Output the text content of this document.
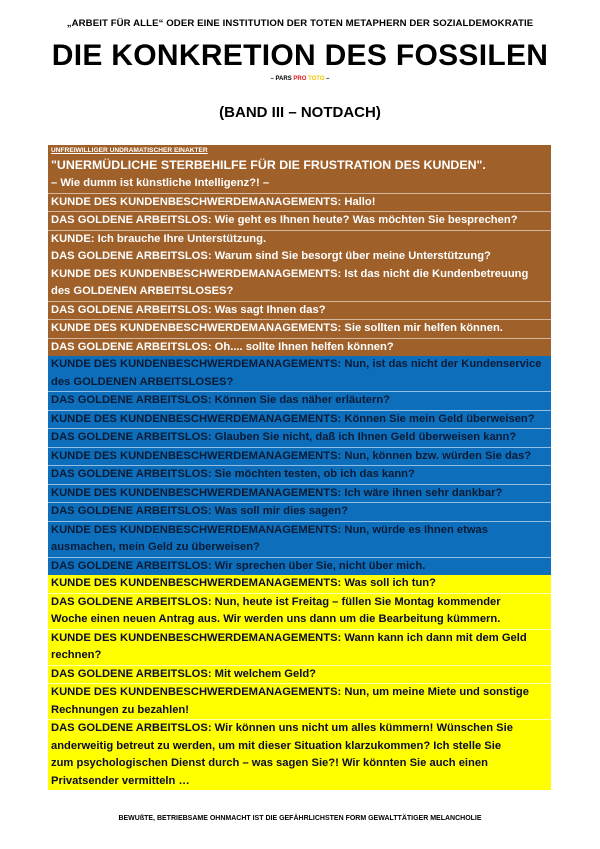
„ARBEIT FÜR ALLE“ ODER EINE INSTITUTION DER TOTEN METAPHERN DER SOZIALDEMOKRATIE
DIE KONKRETION DES FOSSILEN
– PARS PRO TOTO –
(BAND III – NOTDACH)
UNFREIWILLIGER UNDRAMATISCHER EINAKTER
"UNERMÜDLICHE STERBEHILFE FÜR DIE FRUSTRATION DES KUNDEN".
– Wie dumm ist künstliche Intelligenz?! –
KUNDE DES KUNDENBESCHWERDEMANAGEMENTS: Hallo!
DAS GOLDENE ARBEITSLOS: Wie geht es Ihnen heute? Was möchten Sie besprechen?
KUNDE: Ich brauche Ihre Unterstützung.
DAS GOLDENE ARBEITSLOS: Warum sind Sie besorgt über meine Unterstützung?
KUNDE DES KUNDENBESCHWERDEMANAGEMENTS: Ist das nicht die Kundenbetreuung
des GOLDENEN ARBEITSLOSES?
DAS GOLDENE ARBEITSLOS: Was sagt Ihnen das?
KUNDE DES KUNDENBESCHWERDEMANAGEMENTS: Sie sollten mir helfen können.
DAS GOLDENE ARBEITSLOS: Oh.... sollte Ihnen helfen können?
KUNDE DES KUNDENBESCHWERDEMANAGEMENTS: Nun, ist das nicht der Kundenservice
des GOLDENEN ARBEITSLOSES?
DAS GOLDENE ARBEITSLOS: Können Sie das näher erläutern?
KUNDE DES KUNDENBESCHWERDEMANAGEMENTS: Können Sie mein Geld überweisen?
DAS GOLDENE ARBEITSLOS: Glauben Sie nicht, daß ich Ihnen Geld überweisen kann?
KUNDE DES KUNDENBESCHWERDEMANAGEMENTS: Nun, können bzw. würden Sie das?
DAS GOLDENE ARBEITSLOS: Sie möchten testen, ob ich das kann?
KUNDE DES KUNDENBESCHWERDEMANAGEMENTS: Ich wäre ihnen sehr dankbar?
DAS GOLDENE ARBEITSLOS: Was soll mir dies sagen?
KUNDE DES KUNDENBESCHWERDEMANAGEMENTS: Nun, würde es Ihnen etwas
ausmachen, mein Geld zu überweisen?
DAS GOLDENE ARBEITSLOS: Wir sprechen über Sie, nicht über mich.
KUNDE DES KUNDENBESCHWERDEMANAGEMENTS: Was soll ich tun?
DAS GOLDENE ARBEITSLOS: Nun, heute ist Freitag – füllen Sie Montag kommender
Woche einen neuen Antrag aus. Wir werden uns dann um die Bearbeitung kümmern.
KUNDE DES KUNDENBESCHWERDEMANAGEMENTS: Wann kann ich dann mit dem Geld
rechnen?
DAS GOLDENE ARBEITSLOS: Mit welchem Geld?
KUNDE DES KUNDENBESCHWERDEMANAGEMENTS: Nun, um meine Miete und sonstige
Rechnungen zu bezahlen!
DAS GOLDENE ARBEITSLOS: Wir können uns nicht um alles kümmern! Wünschen Sie
anderweitig betreut zu werden, um mit dieser Situation klarzukommen? Ich stelle Sie
zum psychologischen Dienst durch – was sagen Sie?! Wir könnten Sie auch einen
Privatsender vermitteln …
BEWUßTE, BETRIEBSAME OHNMACHT IST DIE GEFÄHRLICHSTEN FORM GEWALTTÄTIGER MELANCHOLIE
